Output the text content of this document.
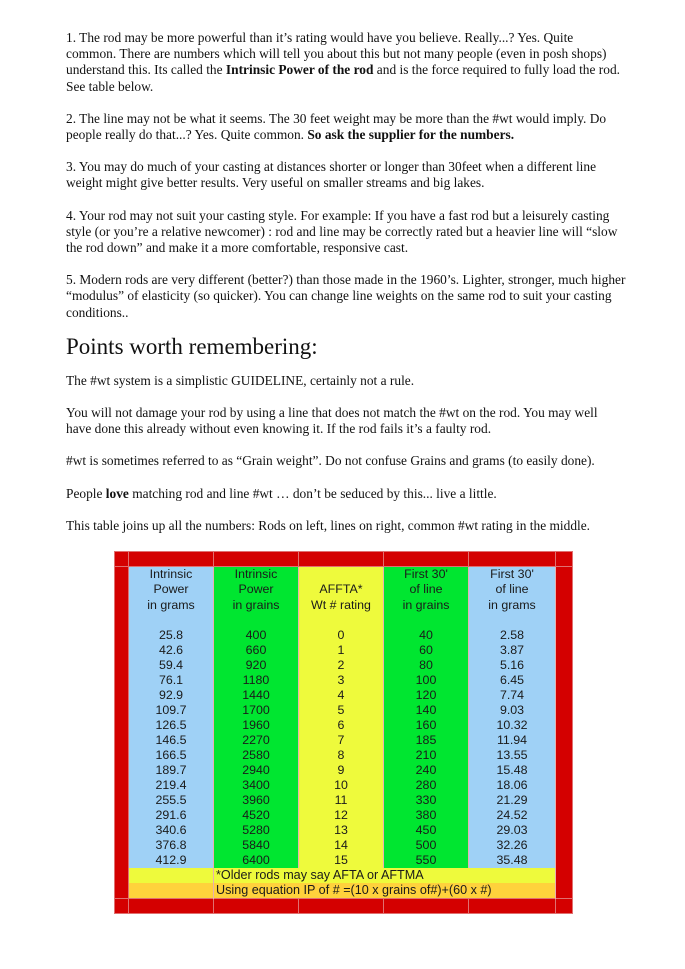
1. The rod may be more powerful than it’s rating would have you believe. Really...? Yes. Quite common. There are numbers which will tell you about this but not many people (even in posh shops) understand this. Its called the Intrinsic Power of the rod and is the force required to fully load the rod. See table below.

2. The line may not be what it seems. The 30 feet weight may be more than the #wt would imply. Do people really do that...? Yes. Quite common. So ask the supplier for the numbers.

3. You may do much of your casting at distances shorter or longer than 30feet when a different line weight might give better results. Very useful on smaller streams and big lakes.

4. Your rod may not suit your casting style. For example: If you have a fast rod but a leisurely casting style (or you’re a relative newcomer) : rod and line may be correctly rated but a heavier line will “slow the rod down” and make it a more comfortable, responsive cast.

5. Modern rods are very different (better?) than those made in the 1960’s. Lighter, stronger, much higher “modulus” of elasticity (so quicker). You can change line weights on the same rod to suit your casting conditions..

Points worth remembering:

The #wt system is a simplistic GUIDELINE, certainly not a rule.

You will not damage your rod by using a line that does not match the #wt on the rod. You may well have done this already without even knowing it. If the rod fails it’s a faulty rod.

#wt is sometimes referred to as “Grain weight”. Do not confuse Grains and grams (to easily done).

People love matching rod and line #wt … don’t be seduced by this... live a little.

This table joins up all the numbers: Rods on left, lines on right, common #wt rating in the middle.

	Intrinsic	Intrinsic		First 30'	First 30'	
	Power	Power	AFFTA*	of line	of line	
	in grams	in grains	Wt # rating	in grains	in grams	

	25.8	400	0	40	2.58	
	42.6	660	1	60	3.87	
	59.4	920	2	80	5.16	
	76.1	1180	3	100	6.45	
	92.9	1440	4	120	7.74	
	109.7	1700	5	140	9.03	
	126.5	1960	6	160	10.32	
	146.5	2270	7	185	11.94	
	166.5	2580	8	210	13.55	
	189.7	2940	9	240	15.48	
	219.4	3400	10	280	18.06	
	255.5	3960	11	330	21.29	
	291.6	4520	12	380	24.52	
	340.6	5280	13	450	29.03	
	376.8	5840	14	500	32.26	
	412.9	6400	15	550	35.48	
		*Older rods may say AFTA or AFTMA				
		Using equation IP of # =(10 x grains of#)+(60 x #)				
